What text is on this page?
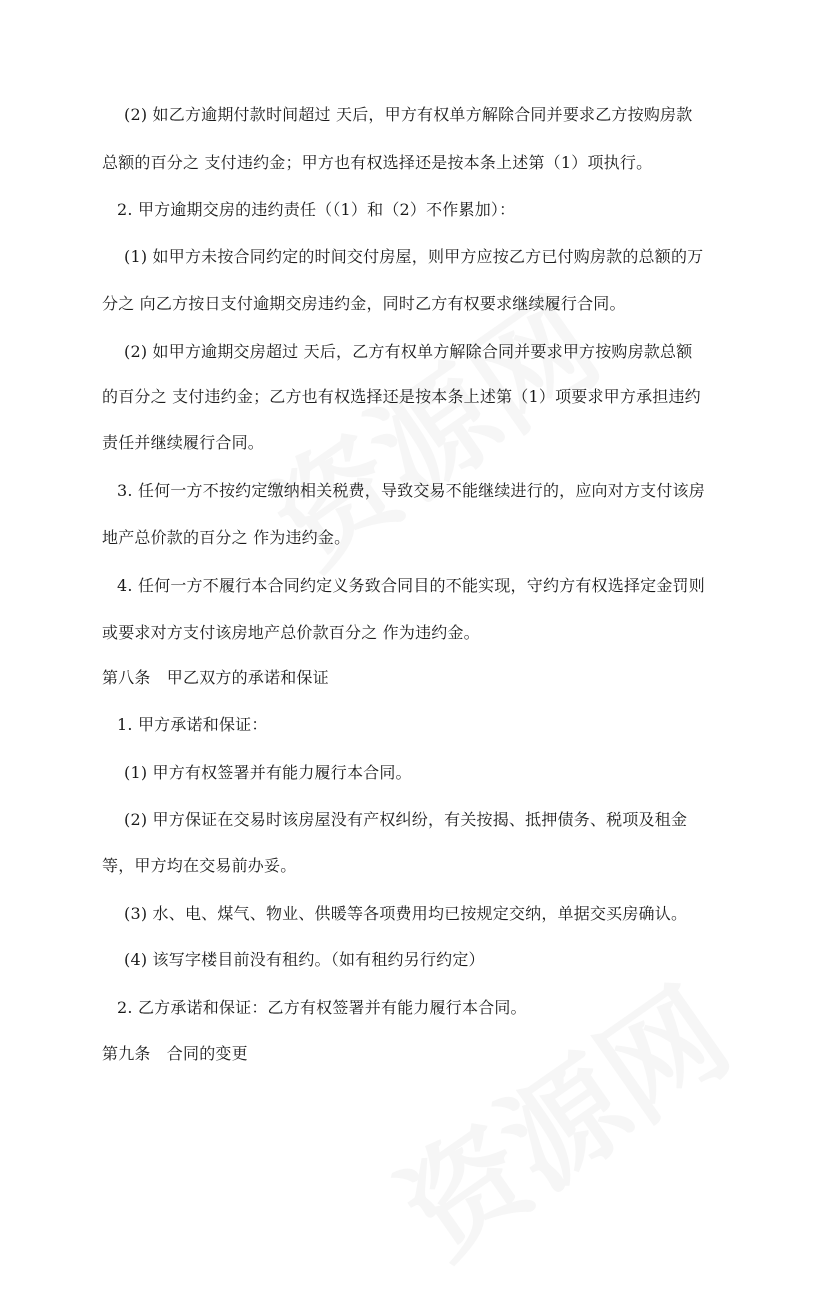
(2) 如乙方逾期付款时间超过 天后，甲方有权单方解除合同并要求乙方按购房款
总额的百分之 支付违约金；甲方也有权选择还是按本条上述第（1）项执行。
2. 甲方逾期交房的违约责任（（1）和（2）不作累加）：
(1) 如甲方未按合同约定的时间交付房屋，则甲方应按乙方已付购房款的总额的万
分之 向乙方按日支付逾期交房违约金，同时乙方有权要求继续履行合同。
(2) 如甲方逾期交房超过 天后，乙方有权单方解除合同并要求甲方按购房款总额
的百分之 支付违约金；乙方也有权选择还是按本条上述第（1）项要求甲方承担违约
责任并继续履行合同。
3. 任何一方不按约定缴纳相关税费，导致交易不能继续进行的，应向对方支付该房
地产总价款的百分之 作为违约金。
4. 任何一方不履行本合同约定义务致合同目的不能实现，守约方有权选择定金罚则
或要求对方支付该房地产总价款百分之 作为违约金。
第八条　甲乙双方的承诺和保证
1. 甲方承诺和保证：
(1) 甲方有权签署并有能力履行本合同。
(2) 甲方保证在交易时该房屋没有产权纠纷，有关按揭、抵押债务、税项及租金
等，甲方均在交易前办妥。
(3) 水、电、煤气、物业、供暖等各项费用均已按规定交纳，单据交买房确认。
(4) 该写字楼目前没有租约。（如有租约另行约定）
2. 乙方承诺和保证：乙方有权签署并有能力履行本合同。
第九条　合同的变更
